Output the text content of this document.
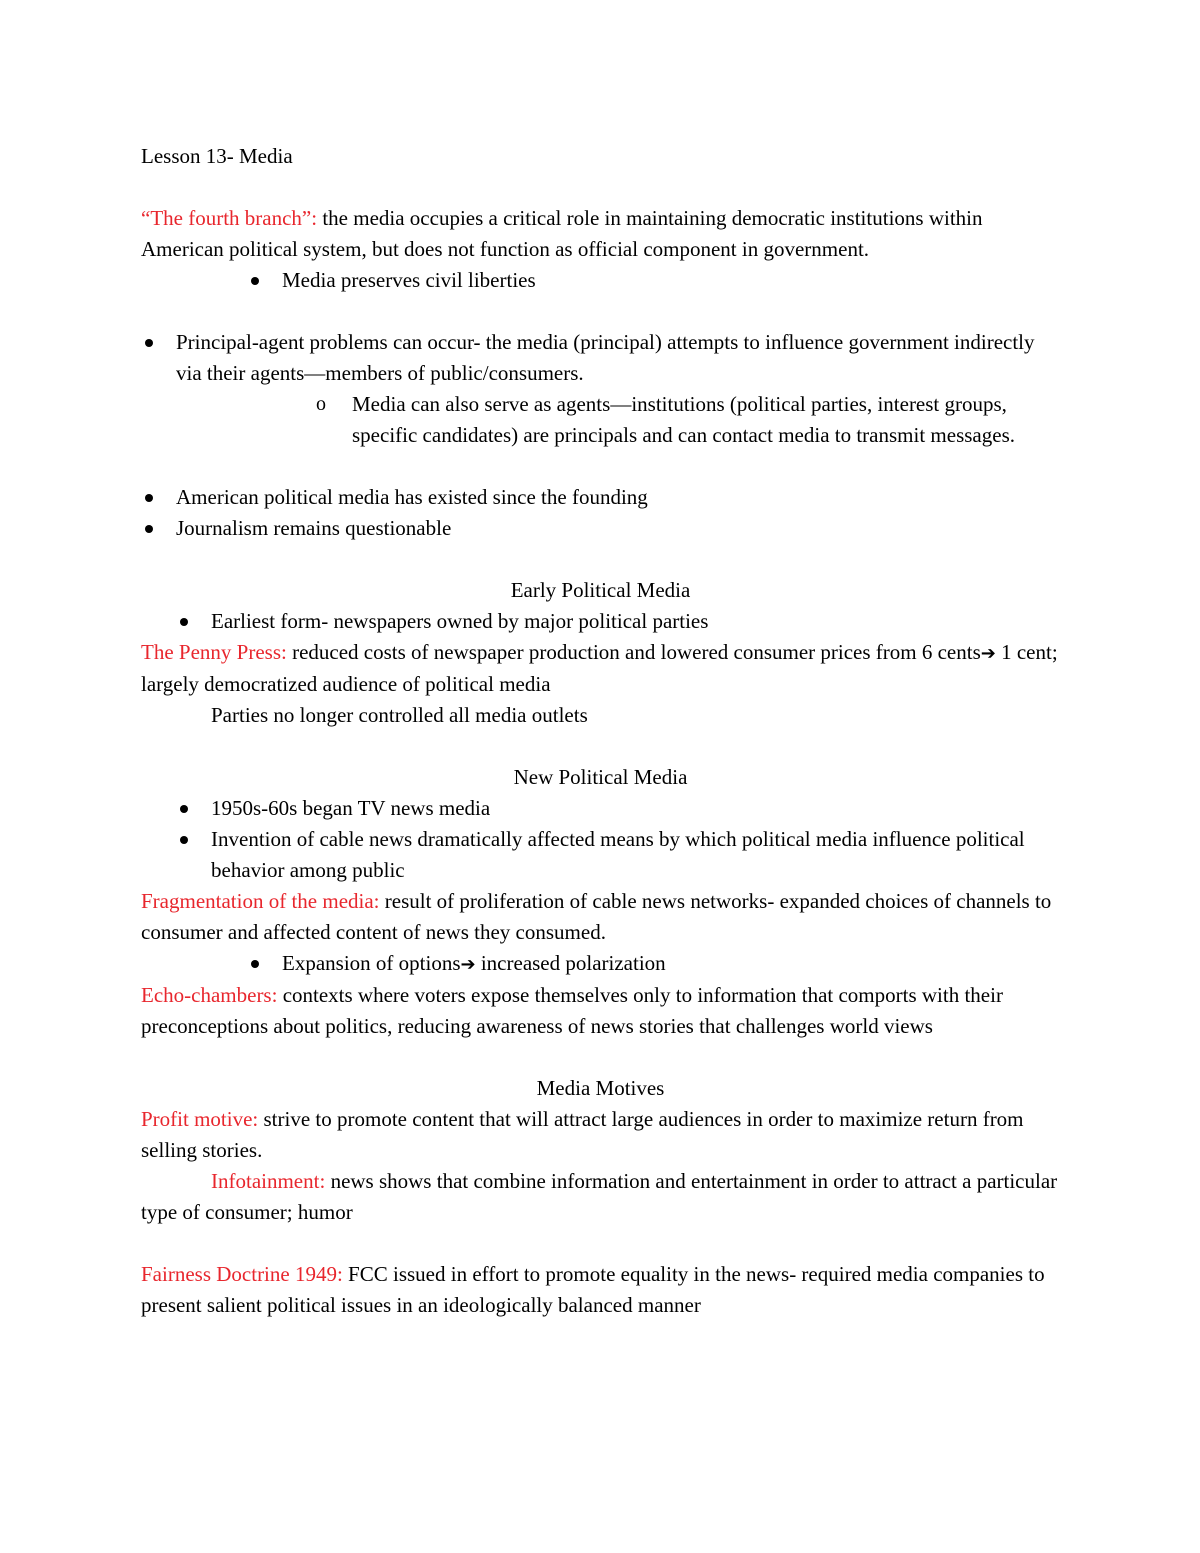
Lesson 13- Media

“The fourth branch”: the media occupies a critical role in maintaining democratic institutions within American political system, but does not function as official component in government.

Media preserves civil liberties

Principal-agent problems can occur- the media (principal) attempts to influence government indirectly via their agents—members of public/consumers.

o	Media can also serve as agents—institutions (political parties, interest groups, specific candidates) are principals and can contact media to transmit messages.

American political media has existed since the founding

Journalism remains questionable

Early Political Media

Earliest form- newspapers owned by major political parties

The Penny Press: reduced costs of newspaper production and lowered consumer prices from 6 cents➔ 1 cent; largely democratized audience of political media

Parties no longer controlled all media outlets

New Political Media

1950s-60s began TV news media

Invention of cable news dramatically affected means by which political media influence political behavior among public

Fragmentation of the media: result of proliferation of cable news networks- expanded choices of channels to consumer and affected content of news they consumed.

Expansion of options➔ increased polarization

Echo-chambers: contexts where voters expose themselves only to information that comports with their preconceptions about politics, reducing awareness of news stories that challenges world views

Media Motives

Profit motive: strive to promote content that will attract large audiences in order to maximize return from selling stories.

Infotainment: news shows that combine information and entertainment in order to attract a particular type of consumer; humor

Fairness Doctrine 1949: FCC issued in effort to promote equality in the news- required media companies to present salient political issues in an ideologically balanced manner
